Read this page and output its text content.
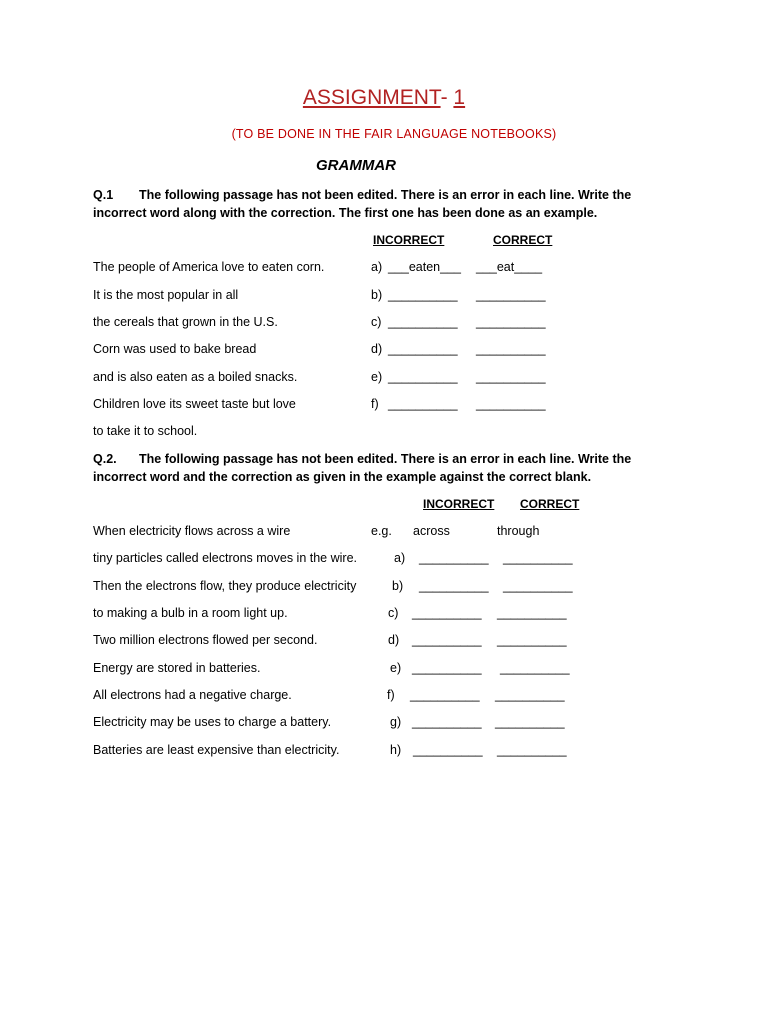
ASSIGNMENT- 1
(TO BE DONE IN THE FAIR LANGUAGE NOTEBOOKS)
GRAMMAR
Q.1 The following passage has not been edited. There is an error in each line. Write the
incorrect word along with the correction. The first one has been done as an example.
INCORRECT	CORRECT
The people of America love to eaten corn.	a) ___eaten___ ___eat____
It is the most popular in all	b) __________ __________
the cereals that grown in the U.S.	c) __________ __________
Corn was used to bake bread	d) __________ __________
and is also eaten as a boiled snacks.	e) __________ __________
Children love its sweet taste but love	f) __________ __________
to take it to school.
Q.2. The following passage has not been edited. There is an error in each line. Write the
incorrect word and the correction as given in the example against the correct blank.
INCORRECT CORRECT
When electricity flows across a wire	e.g. across	through
tiny particles called electrons moves in the wire.	a) __________ __________
Then the electrons flow, they produce electricity	b) __________ __________
to making a bulb in a room light up.	c) __________ __________
Two million electrons flowed per second.	d) __________ __________
Energy are stored in batteries.	e) __________ __________
All electrons had a negative charge.	f) __________ __________
Electricity may be uses to charge a battery.	g) __________ __________
Batteries are least expensive than electricity.	h) __________ __________
